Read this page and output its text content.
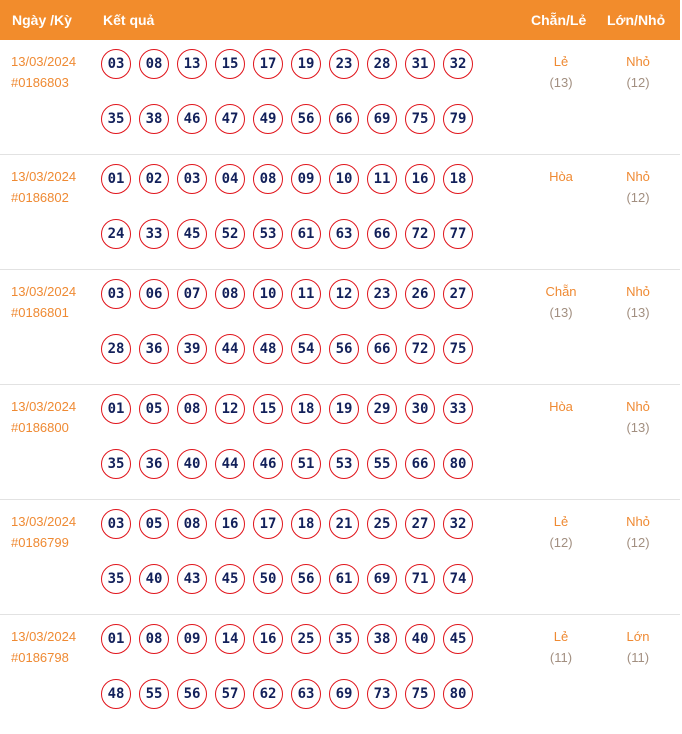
Ngày /Kỳ Kết quả	Chẵn/Lẻ Lớn/Nhỏ
13/03/2024
#0186803
03	08	13	15	17	19	23	28	31	32
35	38	46	47	49	56	66	69	75	79
Lẻ
(13)
Nhỏ
(12)
13/03/2024
#0186802
01	02	03	04	08	09	10	11	16	18
24	33	45	52	53	61	63	66	72	77
Hòa	Nhỏ
(12)
13/03/2024
#0186801
03	06	07	08	10	11	12	23	26	27
28	36	39	44	48	54	56	66	72	75
Chẵn
(13)
Nhỏ
(13)
13/03/2024
#0186800
01	05	08	12	15	18	19	29	30	33
35	36	40	44	46	51	53	55	66	80
Hòa	Nhỏ
(13)
13/03/2024
#0186799
03	05	08	16	17	18	21	25	27	32
35	40	43	45	50	56	61	69	71	74
Lẻ
(12)
Nhỏ
(12)
13/03/2024
#0186798
01	08	09	14	16	25	35	38	40	45
48	55	56	57	62	63	69	73	75	80
Lẻ
(11)
Lớn
(11)
